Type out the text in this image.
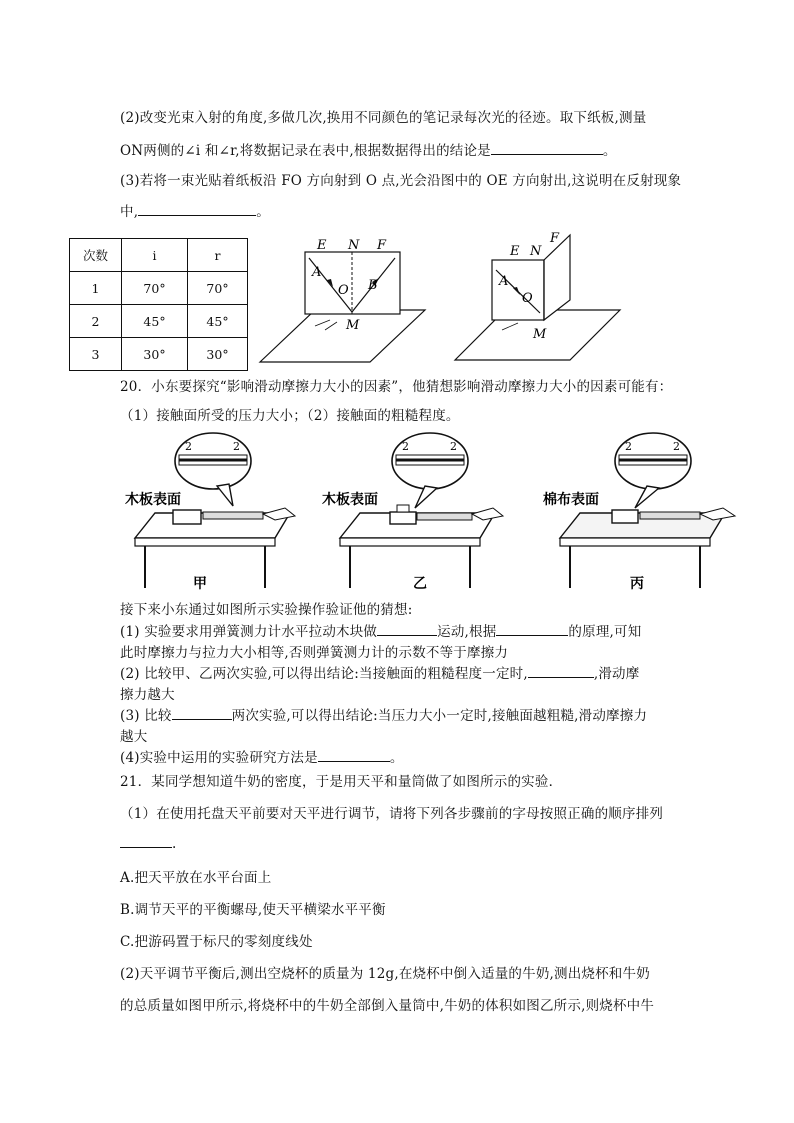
(2)改变光束入射的角度,多做几次,换用不同颜色的笔记录每次光的径迹。取下纸板,测量
ON两侧的∠i 和∠r,将数据记录在表中,根据数据得出的结论是	。
(3)若将一束光贴着纸板沿 FO 方向射到 O 点,光会沿图中的 OE 方向射出,这说明在反射现象
中,	。
次数	i	r
1	70°	70°
2	45°	45°
3	30°	30°
E N F
A
O B
M
E N
F
A
O
M
20．小东要探究“影响滑动摩擦力大小的因素”，他猜想影响滑动摩擦力大小的因素可能有：
（1）接触面所受的压力大小；（2）接触面的粗糙程度。
2	2
木板表面
甲
2	2
木板表面
乙
2	2
棉布表面
丙
接下来小东通过如图所示实验操作验证他的猜想:
(1) 实验要求用弹簧测力计水平拉动木块做	运动,根据	的原理,可知
此时摩擦力与拉力大小相等,否则弹簧测力计的示数不等于摩擦力
(2) 比较甲、乙两次实验,可以得出结论:当接触面的粗糙程度一定时,	,滑动摩
擦力越大
(3) 比较	两次实验,可以得出结论:当压力大小一定时,接触面越粗糙,滑动摩擦力
越大
(4)实验中运用的实验研究方法是	。
21．某同学想知道牛奶的密度，于是用天平和量筒做了如图所示的实验．
（1）在使用托盘天平前要对天平进行调节，请将下列各步骤前的字母按照正确的顺序排列
.
A.把天平放在水平台面上
B.调节天平的平衡螺母,使天平横梁水平平衡
C.把游码置于标尺的零刻度线处
(2)天平调节平衡后,测出空烧杯的质量为 12g,在烧杯中倒入适量的牛奶,测出烧杯和牛奶
的总质量如图甲所示,将烧杯中的牛奶全部倒入量筒中,牛奶的体积如图乙所示,则烧杯中牛
